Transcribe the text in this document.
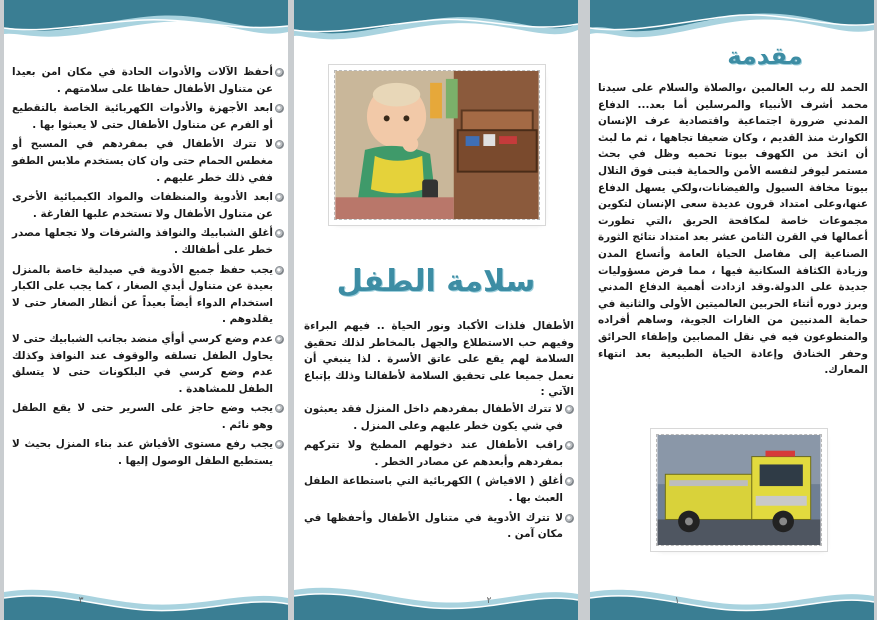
أحفظ الآلات والأدوات الحادة في مكان امن بعيدا عن متناول الأطفال حفاظا على سلامتهم .
ابعد الأجهزة والأدوات الكهربائية الخاصة بالتقطيع أو الفرم عن متناول الأطفال حتى لا يعبثوا بها .
لا تترك الأطفال في بمفردهم في المسبح أو مغطس الحمام حتى وان كان يستخدم ملابس الطفو ففي ذلك خطر عليهم .
ابعد الأدوية والمنظفات والمواد الكيميائية الأخرى عن متناول الأطفال ولا تستخدم علبها الفارغة .
أغلق الشبابيك والنوافذ والشرفات ولا تجعلها مصدر خطر على أطفالك .
يجب حفظ جميع الأدوية في صيدلية خاصة بالمنزل بعيدة عن متناول أيدي الصغار ، كما يجب على الكبار استخدام الدواء أيضاً بعيداً عن أنظار الصغار حتى لا يقلدوهم .
عدم وضع كرسي أوأي منضد بجانب الشبابيك حتى لا يحاول الطفل تسلقه والوقوف عند النوافذ وكذلك عدم وضع كرسي في البلكونات حتى لا يتسلق الطفل للمشاهدة .
يجب وضع حاجز على السرير حتى لا يقع الطفل وهو نائم .
يجب رفع مستوى الأفياش عند بناء المنزل بحيث لا يستطيع الطفل الوصول إليها .
٣
سلامة الطفل

الأطفال فلذات الأكباد ونور الحياة .. فيهم البراءة وفيهم حب الاستطلاع والجهل بالمخاطر لذلك تحقيق السلامة لهم يقع على عاتق الأسرة . لذا ينبغي أن نعمل جميعا على تحقيق السلامة لأطفالنا وذلك بإتباع الآتي :

لا تترك الأطفال بمفردهم داخل المنزل فقد يعبثون في شي يكون خطر عليهم وعلى المنزل .
راقب الأطفال عند دخولهم المطبخ ولا تتركهم بمفردهم وأبعدهم عن مصادر الخطر .
أغلق ( الافياش ) الكهربائية التي باستطاعة الطفل العبث بها .
لا تترك الأدوية في متناول الأطفال وأحفظها في مكان آمن .
٢
مقدمة
الحمد لله رب العالمين ،والصلاة والسلام على سيدنا محمد أشرف الأنبياء والمرسلين أما بعد... الدفاع المدني ضرورة اجتماعية واقتصادية عرف الإنسان الكوارث منذ القديم ، وكان ضعيفا تجاهها ، ثم ما لبث أن اتخذ من الكهوف بيوتا تحميه وظل في بحث مستمر ليوفر لنفسه الأمن والحماية فبنى فوق التلال بيوتا مخافة السيول والفيضانات،ولكي يسهل الدفاع عنها،وعلى امتداد قرون عديدة سعى الإنسان لتكوين مجموعات خاصة لمكافحة الحريق ،التي تطورت أعمالها في القرن الثامن عشر بعد امتداد نتائج الثورة الصناعية إلى مفاصل الحياة العامة وأتساع المدن وزيادة الكثافة السكانية فيها ، مما فرض مسؤوليات جديدة على الدولة.وقد ازدادت أهمية الدفاع المدني وبرز دوره أثناء الحربين العالميتين الأولى والثانية في حماية المدنيين من الغارات الجوية، وساهم أفراده والمتطوعون فيه في نقل المصابين وإطفاء الحرائق وحفر الخنادق وإعادة الحياة الطبيعية بعد انتهاء المعارك.
١
